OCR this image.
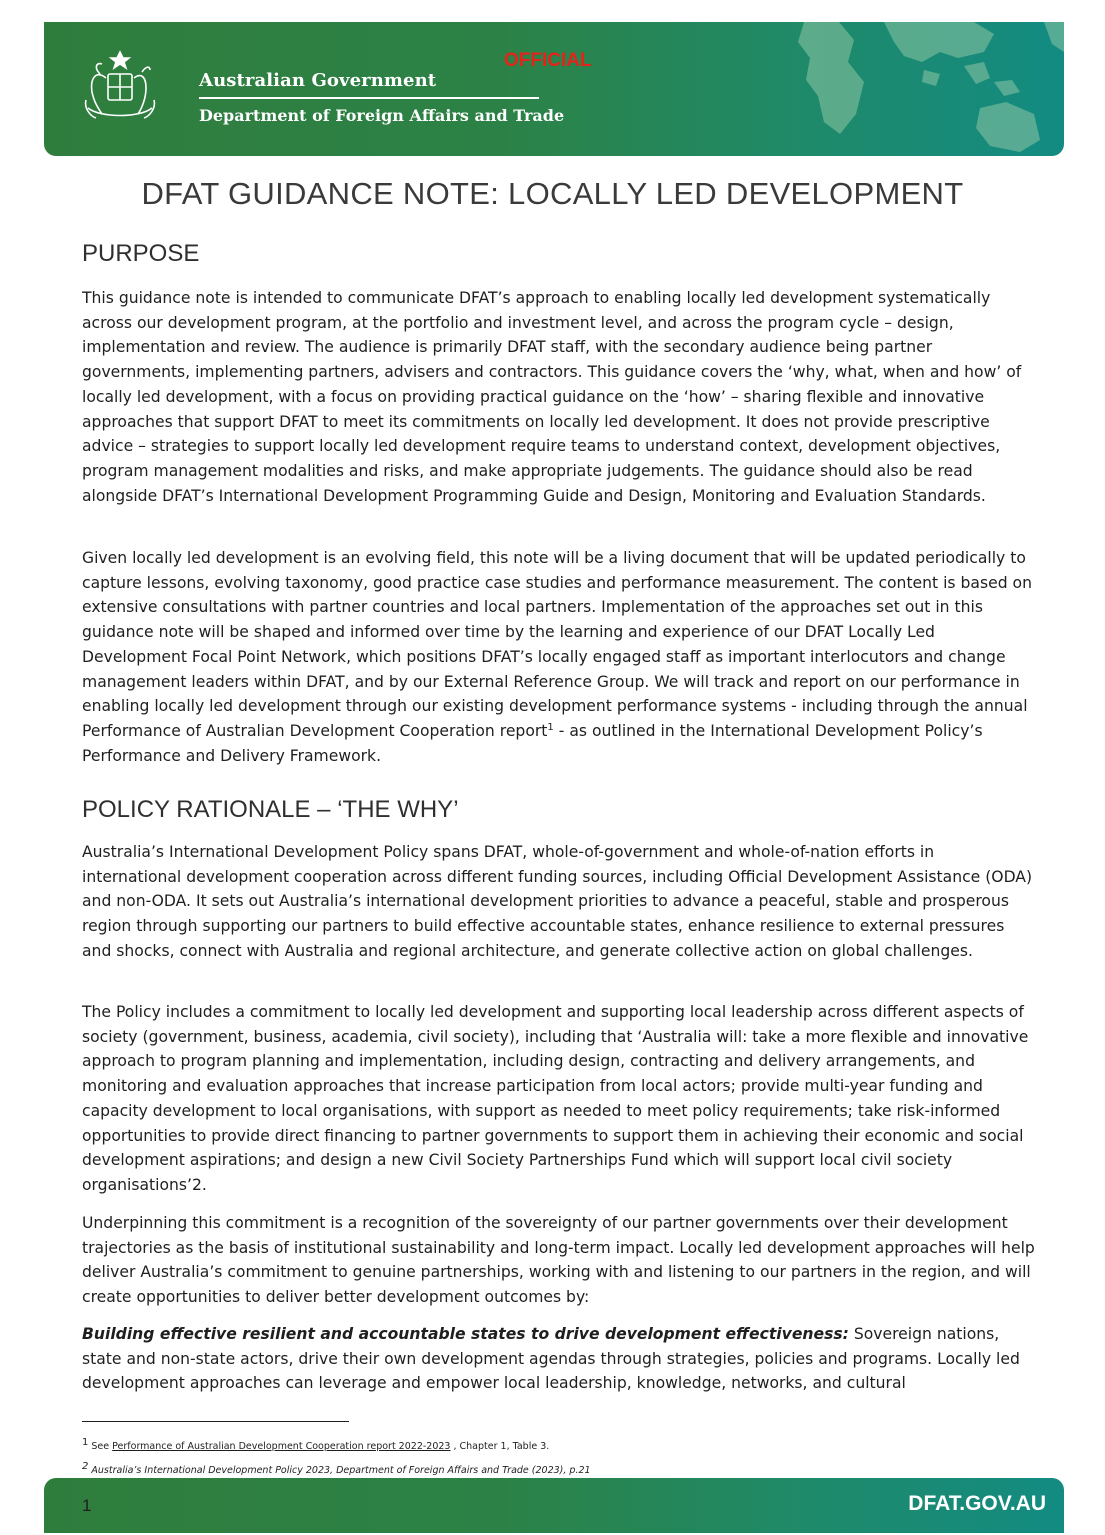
Australian Government
Department of Foreign Affairs and Trade
OFFICIAL
DFAT GUIDANCE NOTE: LOCALLY LED DEVELOPMENT
PURPOSE

This guidance note is intended to communicate DFAT’s approach to enabling locally led development systematically across our development program, at the portfolio and investment level, and across the program cycle – design, implementation and review. The audience is primarily DFAT staff, with the secondary audience being partner governments, implementing partners, advisers and contractors. This guidance covers the ‘why, what, when and how’ of locally led development, with a focus on providing practical guidance on the ‘how’ – sharing flexible and innovative approaches that support DFAT to meet its commitments on locally led development. It does not provide prescriptive advice – strategies to support locally led development require teams to understand context, development objectives, program management modalities and risks, and make appropriate judgements. The guidance should also be read alongside DFAT’s International Development Programming Guide and Design, Monitoring and Evaluation Standards.

Given locally led development is an evolving field, this note will be a living document that will be updated periodically to capture lessons, evolving taxonomy, good practice case studies and performance measurement. The content is based on extensive consultations with partner countries and local partners. Implementation of the approaches set out in this guidance note will be shaped and informed over time by the learning and experience of our DFAT Locally Led Development Focal Point Network, which positions DFAT’s locally engaged staff as important interlocutors and change management leaders within DFAT, and by our External Reference Group. We will track and report on our performance in enabling locally led development through our existing development performance systems - including through the annual Performance of Australian Development Cooperation report$^1$ - as outlined in the International Development Policy’s Performance and Delivery Framework.

POLICY RATIONALE – ‘THE WHY’

Australia’s International Development Policy spans DFAT, whole-of-government and whole-of-nation efforts in international development cooperation across different funding sources, including Official Development Assistance (ODA) and non-ODA. It sets out Australia’s international development priorities to advance a peaceful, stable and prosperous region through supporting our partners to build effective accountable states, enhance resilience to external pressures and shocks, connect with Australia and regional architecture, and generate collective action on global challenges.

The Policy includes a commitment to locally led development and supporting local leadership across different aspects of society (government, business, academia, civil society), including that ‘Australia will: take a more flexible and innovative approach to program planning and implementation, including design, contracting and delivery arrangements, and monitoring and evaluation approaches that increase participation from local actors; provide multi-year funding and capacity development to local organisations, with support as needed to meet policy requirements; take risk-informed opportunities to provide direct financing to partner governments to support them in achieving their economic and social development aspirations; and design a new Civil Society Partnerships Fund which will support local civil society organisations’2.

Underpinning this commitment is a recognition of the sovereignty of our partner governments over their development trajectories as the basis of institutional sustainability and long-term impact. Locally led development approaches will help deliver Australia’s commitment to genuine partnerships, working with and listening to our partners in the region, and will create opportunities to deliver better development outcomes by:

Building effective resilient and accountable states to drive development effectiveness: Sovereign nations, state and non-state actors, drive their own development agendas through strategies, policies and programs. Locally led development approaches can leverage and empower local leadership, knowledge, networks, and cultural

$^1$ See Performance of Australian Development Cooperation report 2022-2023 , Chapter 1, Table 3.
$^2$ Australia’s International Development Policy 2023, Department of Foreign Affairs and Trade (2023), p.21
1	DFAT.GOV.AU
